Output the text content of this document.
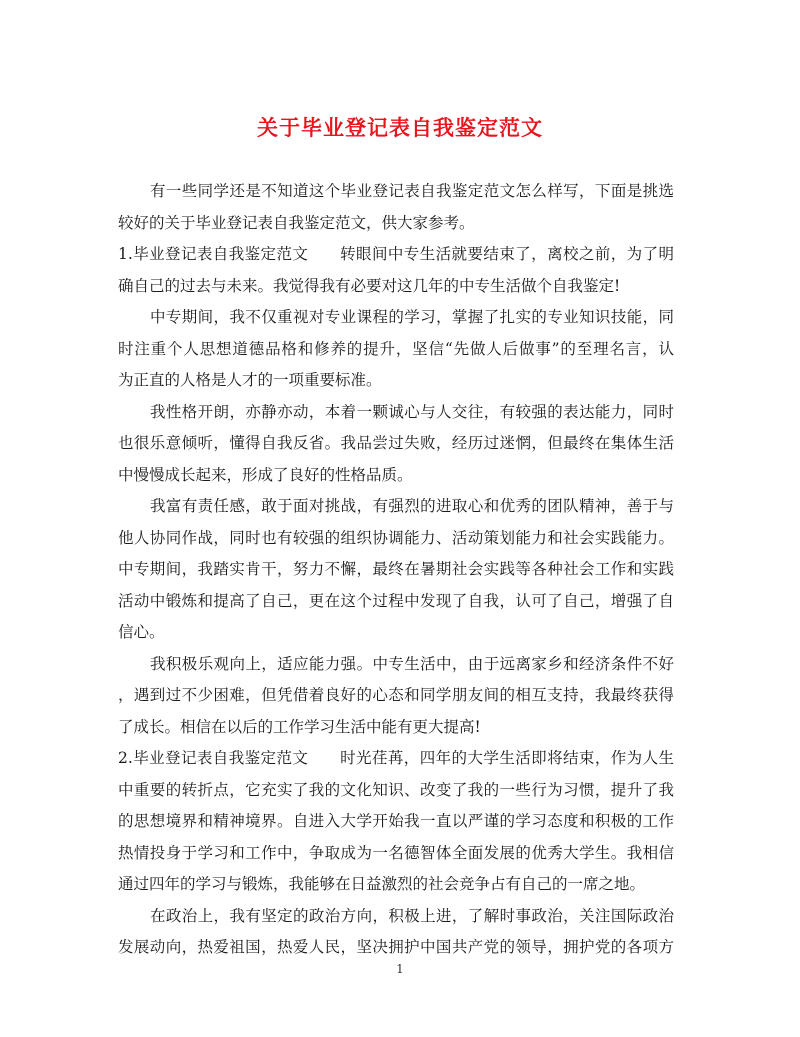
关于毕业登记表自我鉴定范文
有一些同学还是不知道这个毕业登记表自我鉴定范文怎么样写，下面是挑选
较好的关于毕业登记表自我鉴定范文，供大家参考。
1.毕业登记表自我鉴定范文　　转眼间中专生活就要结束了，离校之前，为了明
确自己的过去与未来。我觉得我有必要对这几年的中专生活做个自我鉴定!
中专期间，我不仅重视对专业课程的学习，掌握了扎实的专业知识技能，同
时注重个人思想道德品格和修养的提升，坚信“先做人后做事”的至理名言，认
为正直的人格是人才的一项重要标准。
我性格开朗，亦静亦动，本着一颗诚心与人交往，有较强的表达能力，同时
也很乐意倾听，懂得自我反省。我品尝过失败，经历过迷惘，但最终在集体生活
中慢慢成长起来，形成了良好的性格品质。
我富有责任感，敢于面对挑战，有强烈的进取心和优秀的团队精神，善于与
他人协同作战，同时也有较强的组织协调能力、活动策划能力和社会实践能力。
中专期间，我踏实肯干，努力不懈，最终在暑期社会实践等各种社会工作和实践
活动中锻炼和提高了自己，更在这个过程中发现了自我，认可了自己，增强了自
信心。
我积极乐观向上，适应能力强。中专生活中，由于远离家乡和经济条件不好
，遇到过不少困难，但凭借着良好的心态和同学朋友间的相互支持，我最终获得
了成长。相信在以后的工作学习生活中能有更大提高!
2.毕业登记表自我鉴定范文　　时光荏苒，四年的大学生活即将结束，作为人生
中重要的转折点，它充实了我的文化知识、改变了我的一些行为习惯，提升了我
的思想境界和精神境界。自进入大学开始我一直以严谨的学习态度和积极的工作
热情投身于学习和工作中，争取成为一名德智体全面发展的优秀大学生。我相信
通过四年的学习与锻炼，我能够在日益激烈的社会竞争占有自己的一席之地。
在政治上，我有坚定的政治方向，积极上进，了解时事政治，关注国际政治
发展动向，热爱祖国，热爱人民，坚决拥护中国共产党的领导，拥护党的各项方
1
